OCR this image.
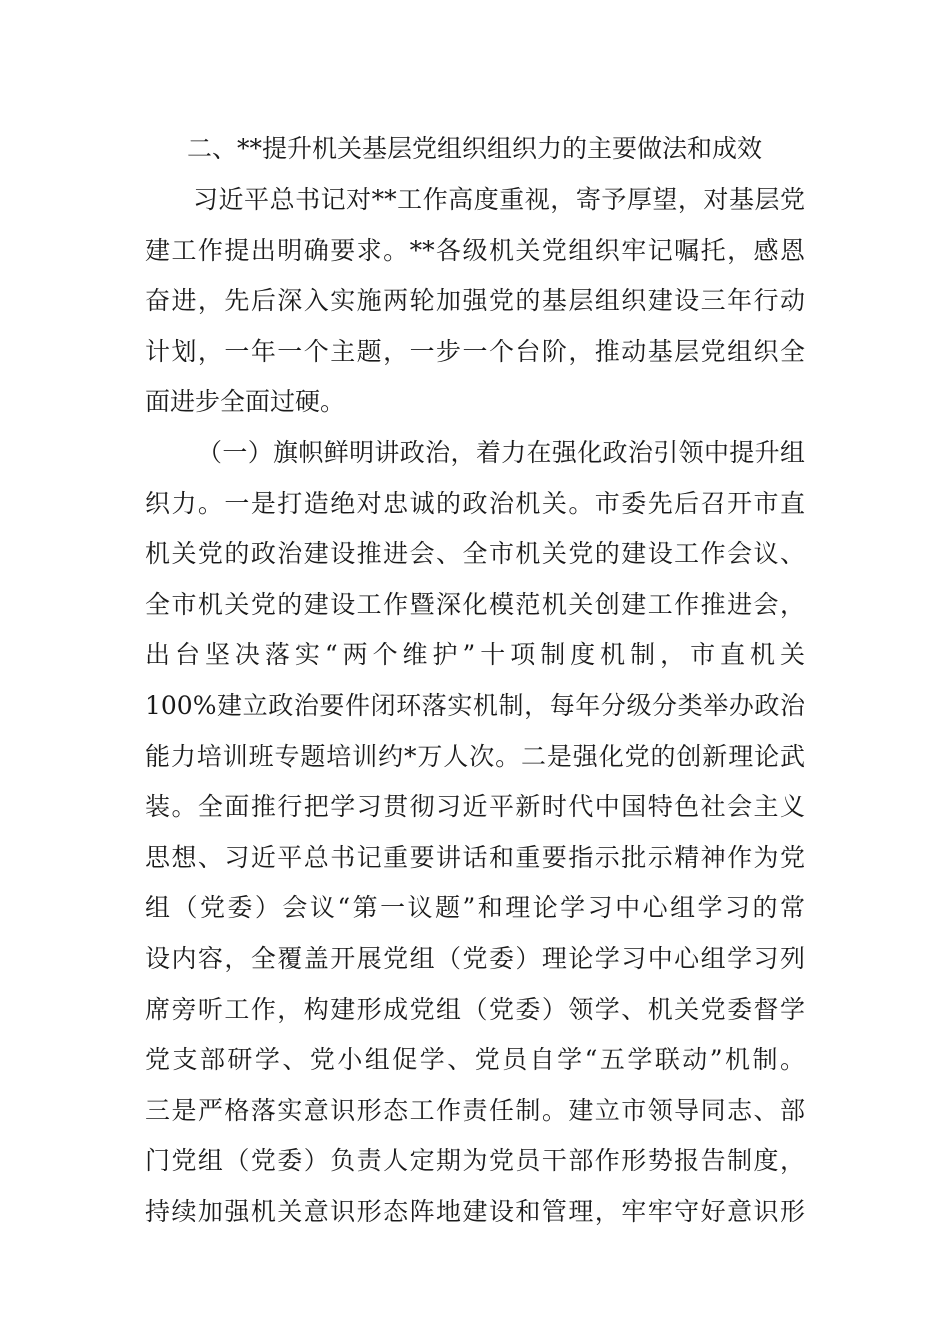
二、**提升机关基层党组织组织力的主要做法和成效
习近平总书记对**工作高度重视，寄予厚望，对基层党
建工作提出明确要求。**各级机关党组织牢记嘱托，感恩
奋进，先后深入实施两轮加强党的基层组织建设三年行动
计划，一年一个主题，一步一个台阶，推动基层党组织全
面进步全面过硬。
（一）旗帜鲜明讲政治，着力在强化政治引领中提升组
织力。一是打造绝对忠诚的政治机关。市委先后召开市直
机关党的政治建设推进会、全市机关党的建设工作会议、
全市机关党的建设工作暨深化模范机关创建工作推进会，
出台坚决落实“两个维护”十项制度机制，市直机关
100%建立政治要件闭环落实机制，每年分级分类举办政治
能力培训班专题培训约*万人次。二是强化党的创新理论武
装。全面推行把学习贯彻习近平新时代中国特色社会主义
思想、习近平总书记重要讲话和重要指示批示精神作为党
组（党委）会议“第一议题”和理论学习中心组学习的常
设内容，全覆盖开展党组（党委）理论学习中心组学习列
席旁听工作，构建形成党组（党委）领学、机关党委督学
党支部研学、党小组促学、党员自学“五学联动”机制。
三是严格落实意识形态工作责任制。建立市领导同志、部
门党组（党委）负责人定期为党员干部作形势报告制度，
持续加强机关意识形态阵地建设和管理，牢牢守好意识形
